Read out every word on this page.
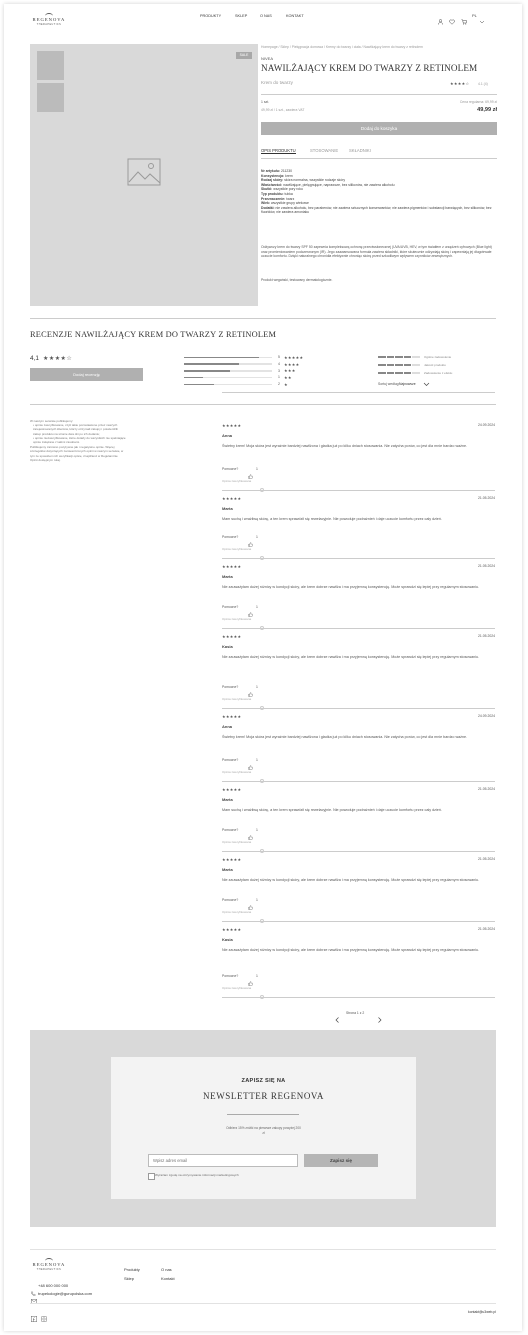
REGENOVA
THERAPEUTICS
PRODUKTY	SKLEP	O NAS	KONTAKT	PL
SALE
Homepage / Sklep / Pielęgnacja domowa / Kremy do twarzy i ciała / Nawilżający krem do twarzy z retinolem
NIVEA
NAWILŻAJĄCY KREM DO TWARZY Z RETINOLEM
Krem do twarzy	★★★★☆	4.1 (4)
1 szt.
49,99 zł / 1 szt., zawiera VAT
Cena regularna: 69,99 zł
49,99 zł
Dodaj do koszyka
OPIS PRODUKTU	STOSOWANIE	SKŁADNIKI
Nr artykułu: 211230
Konsystencja: krem
Rodzaj skóry: skóra normalna, wszystkie rodzaje skóry
Właściwości: nawilżające, pielęgnujące, naprawcze, bez silikonów, nie zawiera alkoholu
Skutki: wszystkie pory roku
Typ produktu: tubka
Przeznaczenie: twarz
Wiek: wszystkie grupy wiekowe
Dodatki: nie zawiera alkoholu, bez parabenów, nie zawiera sztucznych konserwantów, nie zawiera pigmentów i substancji barwiących, bez silikonów, bez fluoridów, nie zawiera amoniaku
Odżywczy krem do twarzy SPF 50 zapewnia kompleksową ochronę przeciwsłonecznej (UVA/UVB, HEV, w tym światłem z urządzeń cyfrowych (Blue light) oraz promieniowaniem podczerwonym (IR). Jego zaawansowana formuła zawiera składniki, które skutecznie odżywiają skórę i zapewniają jej długotrwałe uczucie komfortu. Dzięki naturalnego chronidła efektywnie chroniąc skórę przed szkodliwym wpływem czynników zewnętrznych.
Produkt wegański, testowany dermatologicznie.
RECENZJE NAWILŻAJĄCY KREM DO TWARZY Z RETINOLEM
4,1 ★★★★☆
Dodaj recenzję
5 ★★★★★
4 ★★★★
3 ★★★
1 ★★
2 ★
Ogólne zadowolenie
Jakość produktu
Zadowolenie z efektu
Sortuj według: Najnowsze
W naszym serwisie publikujemy:
• opinie zweryfikowane, czyli takie pozostawione przez naszych zarejestrowanych klientów, którzy otrzymali zakupy i potwierdzili zakup produktu na stronie dwa dni po ich dodaniu;
• opinie niezweryfikowane, które dotarły do wszystkich nie spełniające opinie związane z takimi zasobami.
Publikujemy zarówno pozytywne jak i negatywne opinie. Więcej szczegółów dotyczących zamieszczonych opinii w naszym serwisie, w tym ze sposobem ich weryfikacji opisie, znajdziesz w Regulaminie Opinii dostępnym tutaj.
★★★★★	24.09.2024
Anna
Świetny krem! Moja skóra jest wyraźnie bardziej nawilżona i gładka już po kilku dniach stosowania. Nie zatycha porów, co jest dla mnie bardzo ważne.
Pomocne?	1
Opinia zweryfikowana
★★★★★	21.05.2024
Marta
Mam suchą i wrażliwą skórę, a ten krem sprawdził się rewelacyjnie. Nie powoduje podrażnień i daje uczucie komfortu przez cały dzień.
Pomocne?	1
Opinia zweryfikowana
★★★★★	21.05.2024
Marta
Nie zauważyłam dużej różnicy w kondycji skóry, ale krem dobrze nawilża i ma przyjemną konsystencję. Może sprawdzi się lepiej przy regularnym stosowaniu.
Pomocne?	1
Opinia zweryfikowana
★★★★★	21.05.2024
Kasia
Nie zauważyłam dużej różnicy w kondycji skóry, ale krem dobrze nawilża i ma przyjemną konsystencję. Może sprawdzi się lepiej przy regularnym stosowaniu.
Pomocne?	1
Opinia zweryfikowana
★★★★★	24.09.2024
Anna
Świetny krem! Moja skóra jest wyraźnie bardziej nawilżona i gładka już po kilku dniach stosowania. Nie zatycha porów, co jest dla mnie bardzo ważne.
Pomocne?	1
Opinia zweryfikowana
★★★★★	21.05.2024
Marta
Mam suchą i wrażliwą skórę, a ten krem sprawdził się rewelacyjnie. Nie powoduje podrażnień i daje uczucie komfortu przez cały dzień.
Pomocne?	1
Opinia zweryfikowana
★★★★★	21.05.2024
Marta
Nie zauważyłam dużej różnicy w kondycji skóry, ale krem dobrze nawilża i ma przyjemną konsystencję. Może sprawdzi się lepiej przy regularnym stosowaniu.
Pomocne?	1
Opinia zweryfikowana
★★★★★	21.05.2024
Kasia
Nie zauważyłam dużej różnicy w kondycji skóry, ale krem dobrze nawilża i ma przyjemną konsystencję. Może sprawdzi się lepiej przy regularnym stosowaniu.
Pomocne?	1
Opinia zweryfikowana
Strona 1 z 2
ZAPISZ SIĘ NA
NEWSLETTER REGENOVA
Odbierz 15% zniżki na pierwsze zakupy powyżej 200 zł
Wpisz adres email
Zapisz się
Wyrażam zgodę na otrzymywanie informacji marketingowych
REGENOVA
THERAPEUTICS	Produkty
Sklep
O nas
Kontakt
+48 600 000 000
trupekologie@gurupolska.com
kontakt@u3web.pl
